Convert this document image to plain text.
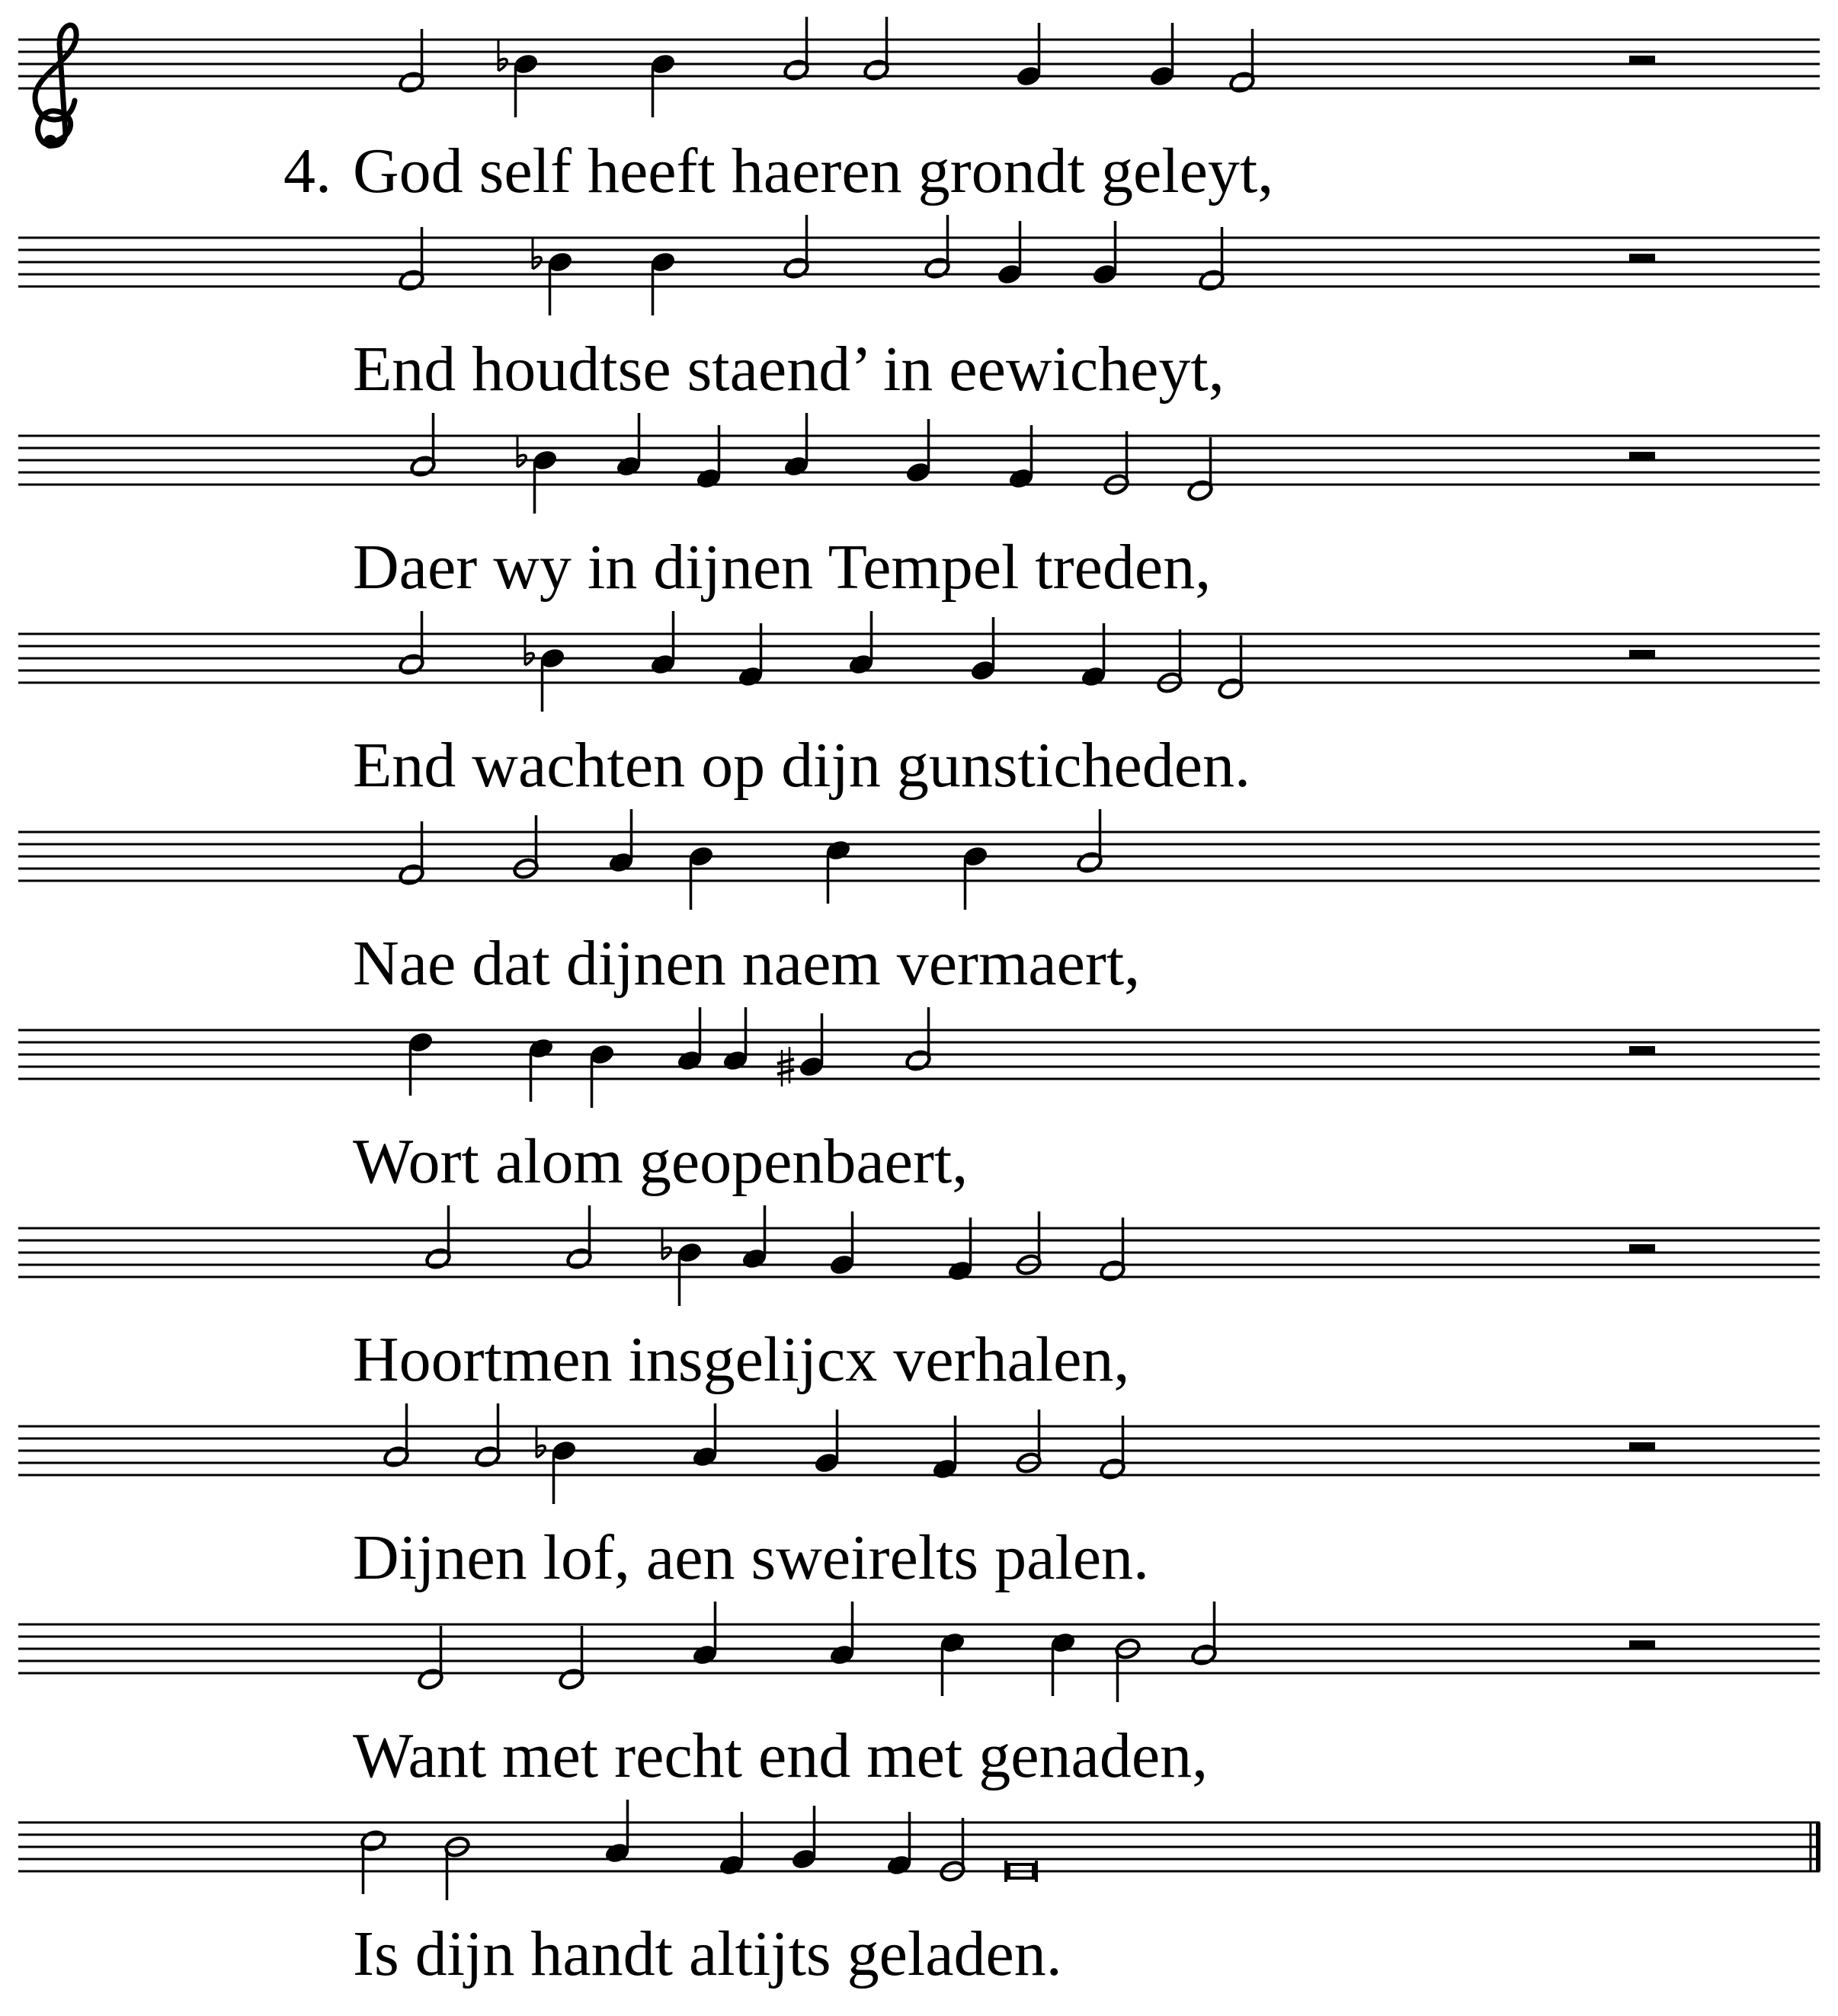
4. God self heeft haeren grondt geleyt,
End houdtse staend’ in eewicheyt,
Daer wy in dijnen Tempel treden,
End wachten op dijn gunsticheden.
Nae dat dijnen naem vermaert,
Wort alom geopenbaert,
Hoortmen insgelijcx verhalen,
Dijnen lof, aen sweirelts palen.
Want met recht end met genaden,
Is dijn handt altijts geladen.
